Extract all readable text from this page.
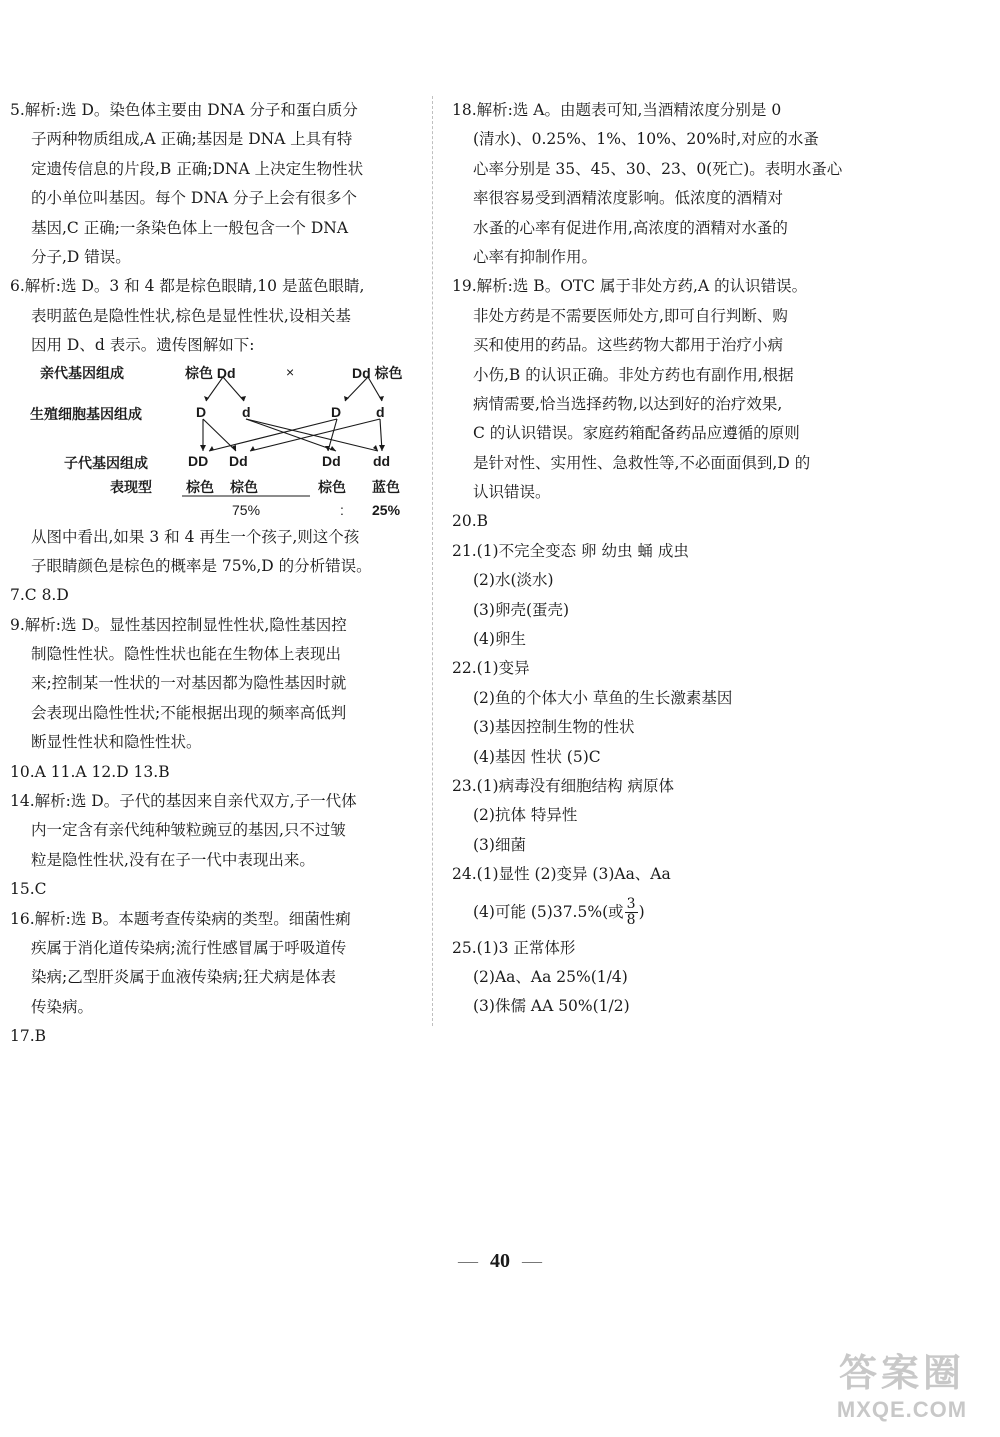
5.解析:选 D。染色体主要由 DNA 分子和蛋白质分
子两种物质组成,A 正确;基因是 DNA 上具有特
定遗传信息的片段,B 正确;DNA 上决定生物性状
的小单位叫基因。每个 DNA 分子上会有很多个
基因,C 正确;一条染色体上一般包含一个 DNA
分子,D 错误。
6.解析:选 D。3 和 4 都是棕色眼睛,10 是蓝色眼睛,
表明蓝色是隐性性状,棕色是显性性状,设相关基
因用 D、d 表示。遗传图解如下:
亲代基因组成	棕色 Dd	×	Dd 棕色
生殖细胞基因组成	D	d	D d
子代基因组成	DD Dd	Dd dd
表现型 棕色 棕色	棕色 蓝色
75%	: 25%
从图中看出,如果 3 和 4 再生一个孩子,则这个孩
子眼睛颜色是棕色的概率是 75%,D 的分析错误。
7.C 8.D
9.解析:选 D。显性基因控制显性性状,隐性基因控
制隐性性状。隐性性状也能在生物体上表现出
来;控制某一性状的一对基因都为隐性基因时就
会表现出隐性性状;不能根据出现的频率高低判
断显性性状和隐性性状。
10.A 11.A 12.D 13.B
14.解析:选 D。子代的基因来自亲代双方,子一代体
内一定含有亲代纯种皱粒豌豆的基因,只不过皱
粒是隐性性状,没有在子一代中表现出来。
15.C
16.解析:选 B。本题考查传染病的类型。细菌性痢
疾属于消化道传染病;流行性感冒属于呼吸道传
染病;乙型肝炎属于血液传染病;狂犬病是体表
传染病。
17.B
18.解析:选 A。由题表可知,当酒精浓度分别是 0
(清水)、0.25%、1%、10%、20%时,对应的水蚤
心率分别是 35、45、30、23、0(死亡)。表明水蚤心
率很容易受到酒精浓度影响。低浓度的酒精对
水蚤的心率有促进作用,高浓度的酒精对水蚤的
心率有抑制作用。
19.解析:选 B。OTC 属于非处方药,A 的认识错误。
非处方药是不需要医师处方,即可自行判断、购
买和使用的药品。这些药物大都用于治疗小病
小伤,B 的认识正确。非处方药也有副作用,根据
病情需要,恰当选择药物,以达到好的治疗效果,
C 的认识错误。家庭药箱配备药品应遵循的原则
是针对性、实用性、急救性等,不必面面俱到,D 的
认识错误。
20.B
21.(1)不完全变态 卵 幼虫 蛹 成虫
(2)水(淡水)
(3)卵壳(蛋壳)
(4)卵生
22.(1)变异
(2)鱼的个体大小 草鱼的生长激素基因
(3)基因控制生物的性状
(4)基因 性状 (5)C
23.(1)病毒没有细胞结构 病原体
(2)抗体 特异性
(3)细菌
24.(1)显性 (2)变异 (3)Aa、Aa
(4)可能 (5)37.5%(或 $\frac{3}{8}$ )
25.(1)3 正常体形
(2)Aa、Aa 25%(1/4)
(3)侏儒 AA 50%(1/2)
— 40 —
答案圈
MXQE.COM
